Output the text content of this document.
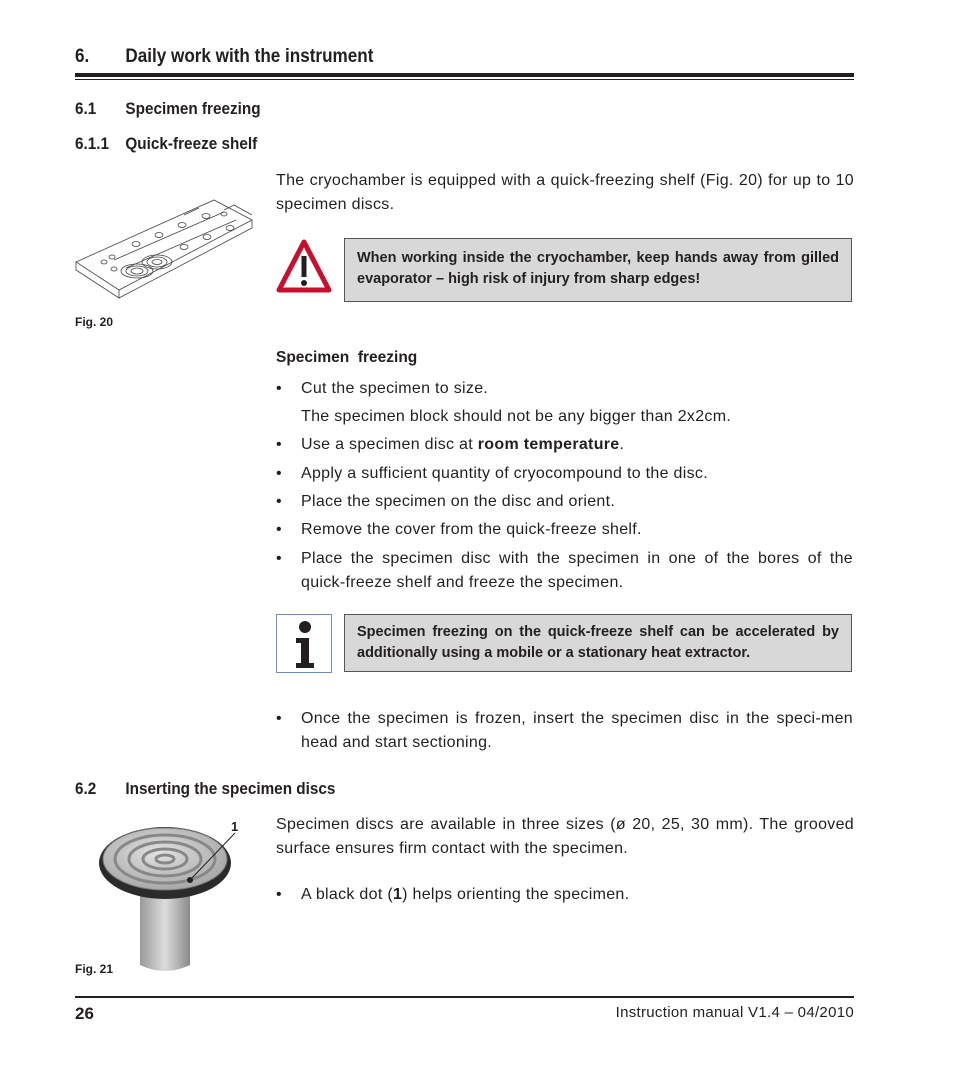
6. Daily work with the instrument
6.1 Specimen freezing
6.1.1 Quick-freeze shelf
The cryochamber is equipped with a quick-freezing shelf (Fig. 20) for up to 10 specimen discs.
When working inside the cryochamber, keep hands away from gilled evaporator – high risk of injury from sharp edges!
Fig. 20
Specimen  freezing
• Cut the specimen to size.
The specimen block should not be any bigger than 2x2cm.
• Use a specimen disc at room temperature.
• Apply a sufficient quantity of cryocompound to the disc.
• Place the specimen on the disc and orient.
• Remove the cover from the quick-freeze shelf.
• Place the specimen disc with the specimen in one of the bores of the quick-freeze shelf and freeze the specimen.
Specimen freezing on the quick-freeze shelf can be accelerated by additionally using a mobile or a stationary heat extractor.
• Once the specimen is frozen, insert the specimen disc in the speci-men head and start sectioning.
6.2 Inserting the specimen discs
Specimen discs are available in three sizes (ø 20, 25, 30 mm). The grooved surface ensures firm contact with the specimen.
• A black dot (1) helps orienting the specimen.
1
Fig. 21
26	Instruction manual V1.4 – 04/2010
